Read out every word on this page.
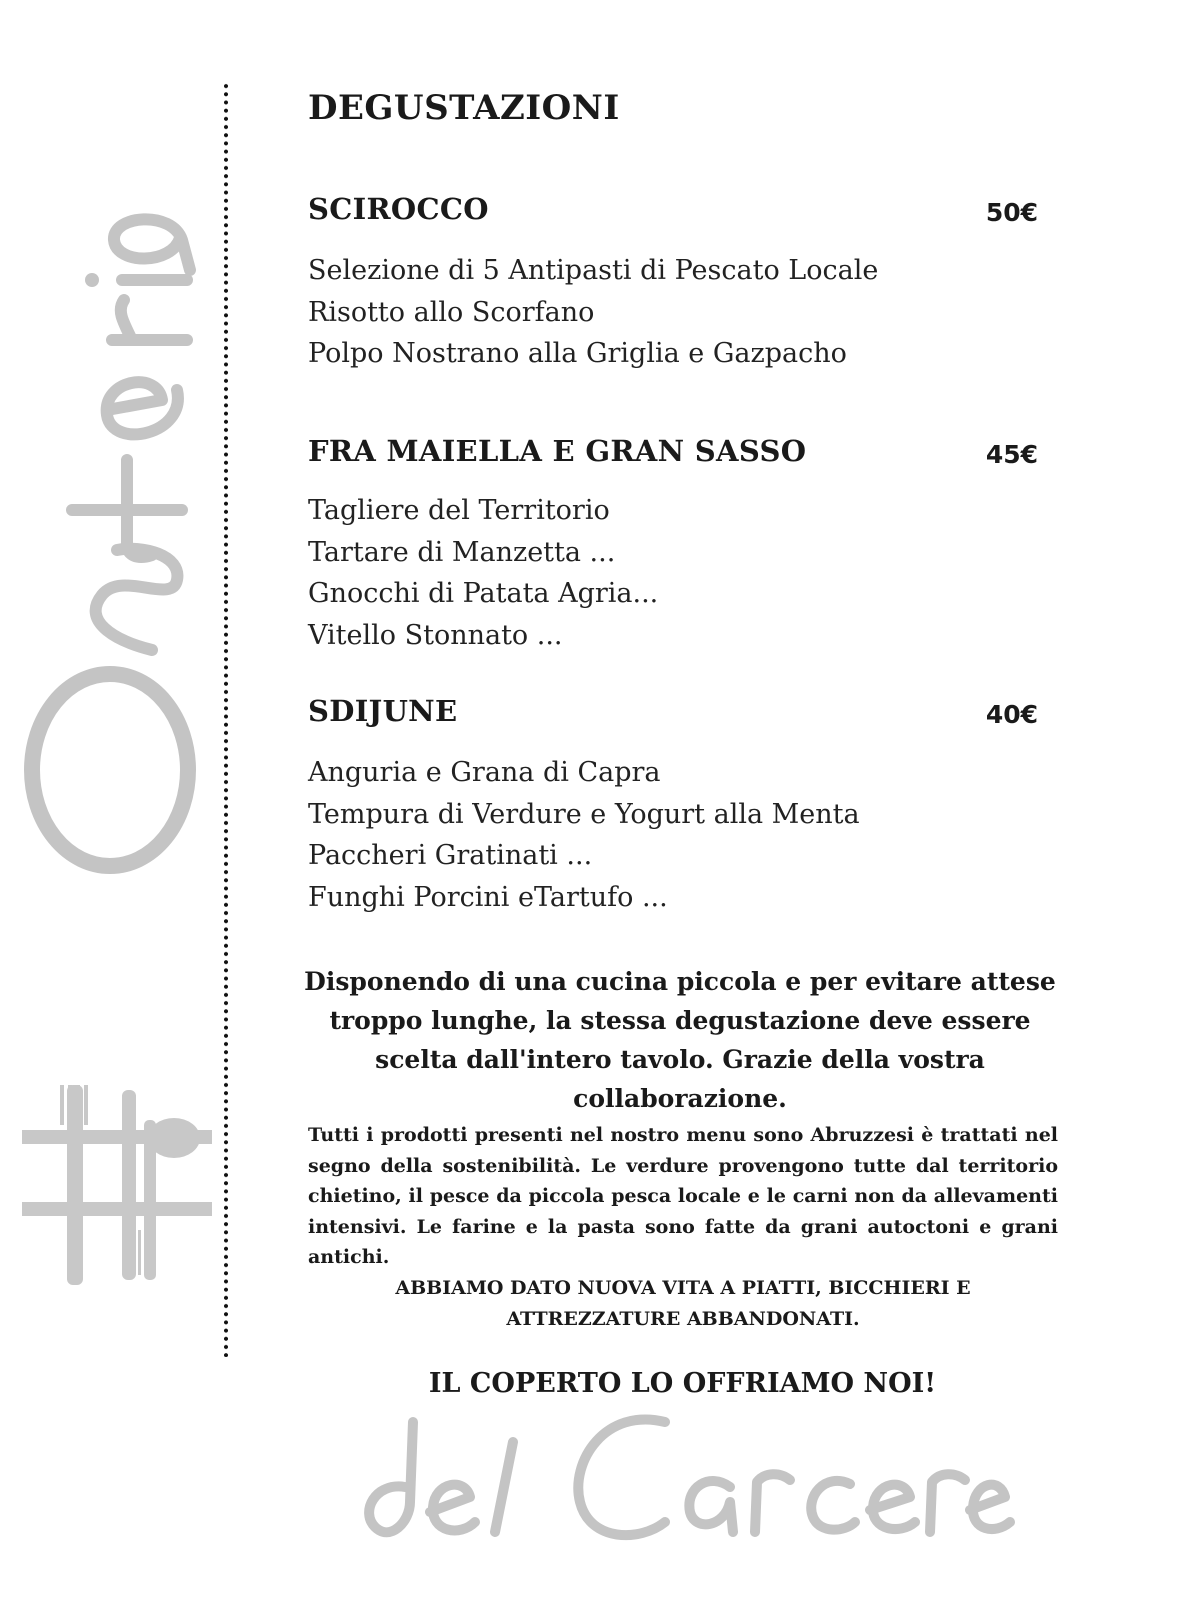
DEGUSTAZIONI
SCIROCCO	50€
Selezione di 5 Antipasti di Pescato Locale
Risotto allo Scorfano
Polpo Nostrano alla Griglia e Gazpacho
FRA MAIELLA E GRAN SASSO	45€
Tagliere del Territorio
Tartare di Manzetta ...
Gnocchi di Patata Agria...
Vitello Stonnato ...
SDIJUNE	40€
Anguria e Grana di Capra
Tempura di Verdure e Yogurt alla Menta
Paccheri Gratinati ...
Funghi Porcini eTartufo ...

Disponendo di una cucina piccola e per evitare attese troppo lunghe, la stessa degustazione deve essere scelta dall'intero tavolo. Grazie della vostra collaborazione.

Tutti i prodotti presenti nel nostro menu sono Abruzzesi è trattati nel segno della sostenibilità. Le verdure provengono tutte dal territorio chietino, il pesce da piccola pesca locale e le carni non da allevamenti intensivi. Le farine e la pasta sono fatte da grani autoctoni e grani antichi.

ABBIAMO DATO NUOVA VITA A PIATTI, BICCHIERI E ATTREZZATURE ABBANDONATI.

IL COPERTO LO OFFRIAMO NOI!
